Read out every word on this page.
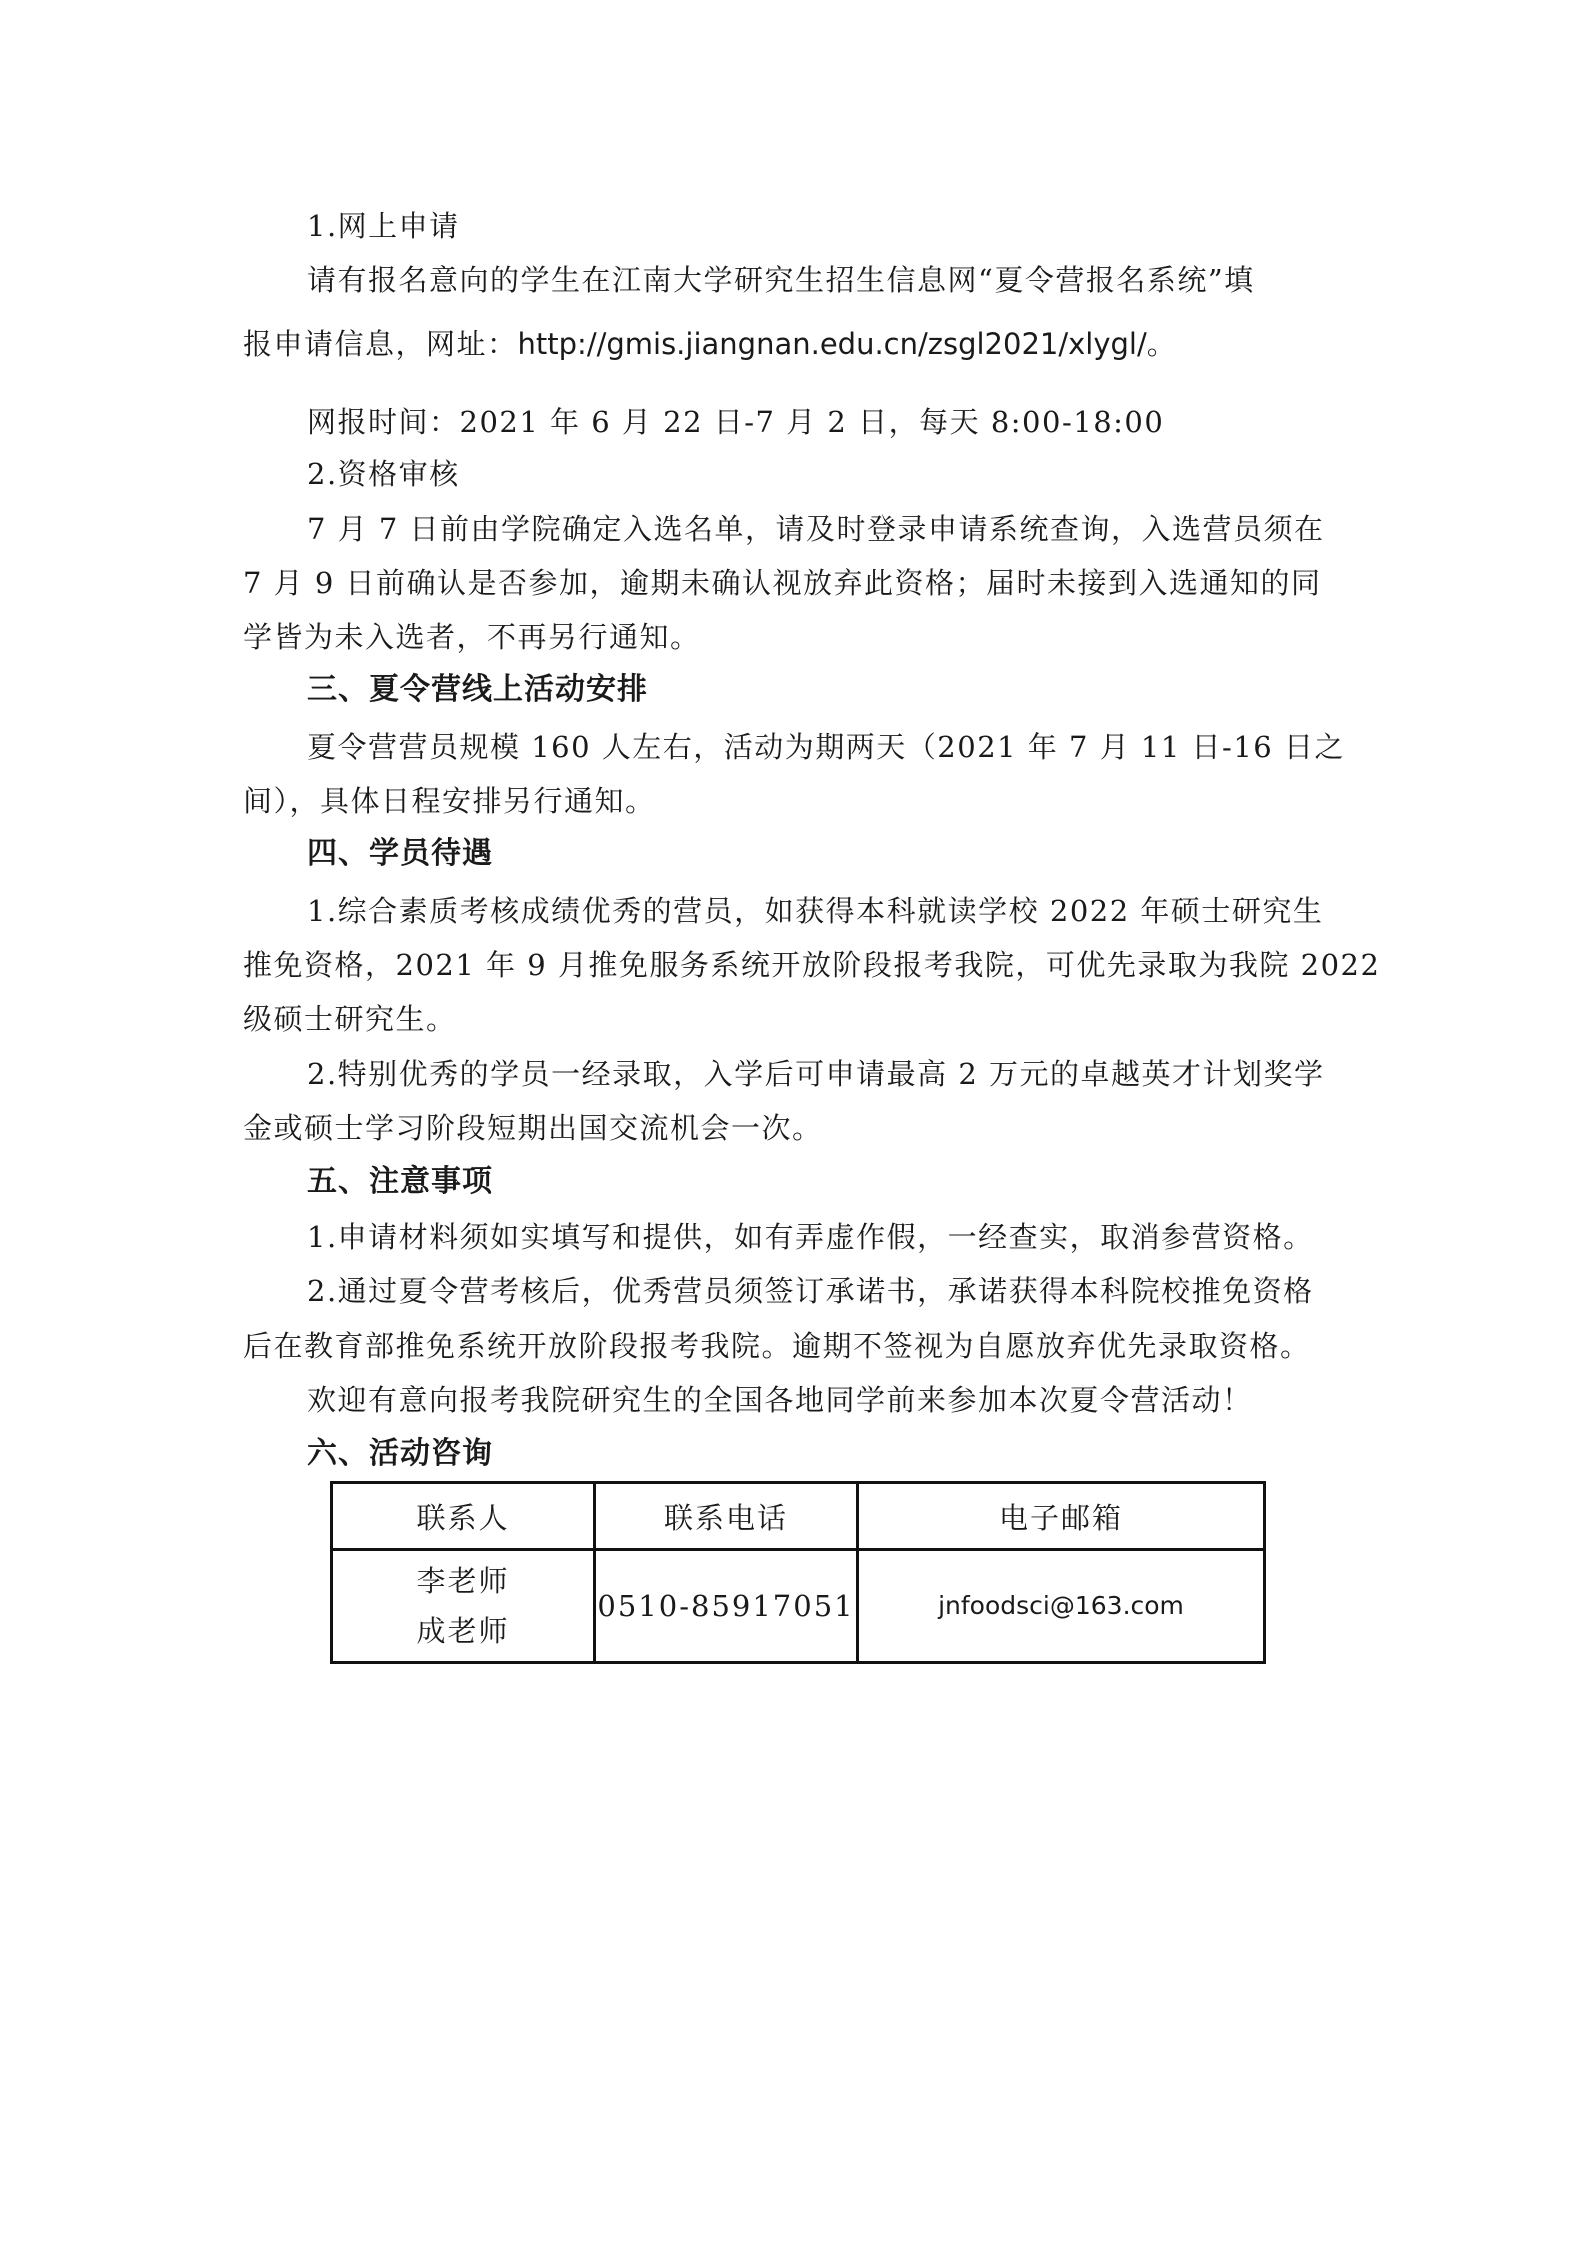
1.网上申请
请有报名意向的学生在江南大学研究生招生信息网“夏令营报名系统”填
报申请信息，网址：http://gmis.jiangnan.edu.cn/zsgl2021/xlygl/。
网报时间：2021 年 6 月 22 日-7 月 2 日，每天 8:00-18:00
2.资格审核
7 月 7 日前由学院确定入选名单，请及时登录申请系统查询，入选营员须在
7 月 9 日前确认是否参加，逾期未确认视放弃此资格；届时未接到入选通知的同
学皆为未入选者，不再另行通知。
三、夏令营线上活动安排
夏令营营员规模 160 人左右，活动为期两天（2021 年 7 月 11 日-16 日之
间），具体日程安排另行通知。
四、学员待遇
1.综合素质考核成绩优秀的营员，如获得本科就读学校 2022 年硕士研究生
推免资格，2021 年 9 月推免服务系统开放阶段报考我院，可优先录取为我院 2022
级硕士研究生。
2.特别优秀的学员一经录取，入学后可申请最高 2 万元的卓越英才计划奖学
金或硕士学习阶段短期出国交流机会一次。
五、注意事项
1.申请材料须如实填写和提供，如有弄虚作假，一经查实，取消参营资格。
2.通过夏令营考核后，优秀营员须签订承诺书，承诺获得本科院校推免资格
后在教育部推免系统开放阶段报考我院。逾期不签视为自愿放弃优先录取资格。
欢迎有意向报考我院研究生的全国各地同学前来参加本次夏令营活动！
六、活动咨询
联系人	联系电话	电子邮箱

李老师
成老师	0510-85917051	jnfoodsci@163.com
